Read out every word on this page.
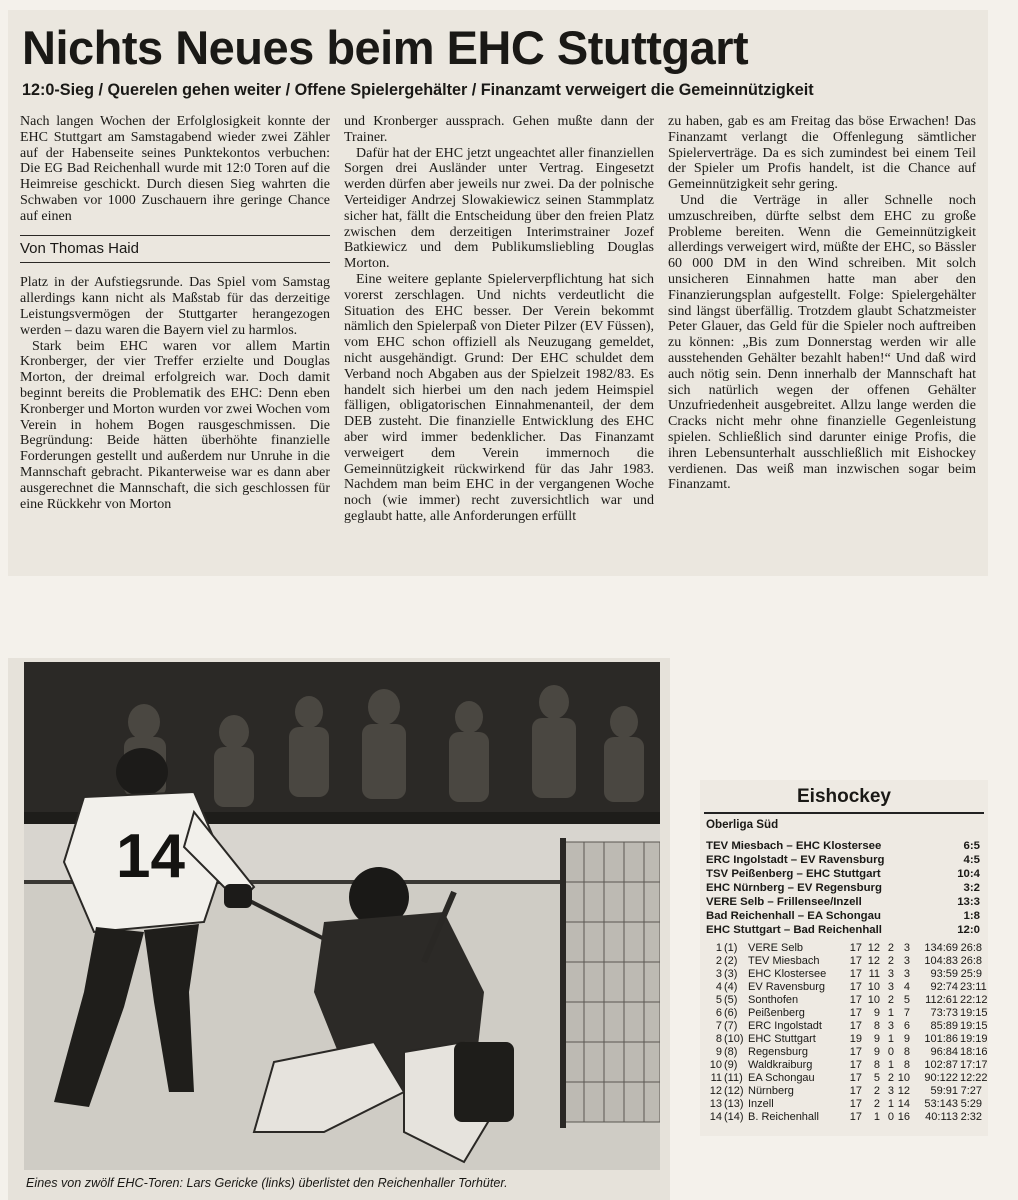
Nichts Neues beim EHC Stuttgart
12:0-Sieg / Querelen gehen weiter / Offene Spielergehälter / Finanzamt verweigert die Gemeinnützigkeit

Nach langen Wochen der Erfolglosigkeit konnte der EHC Stuttgart am Samstagabend wieder zwei Zähler auf der Habenseite seines Punktekontos verbuchen: Die EG Bad Reichenhall wurde mit 12:0 Toren auf die Heimreise geschickt. Durch diesen Sieg wahrten die Schwaben vor 1000 Zuschauern ihre geringe Chance auf einen

Von Thomas Haid

Platz in der Aufstiegsrunde. Das Spiel vom Samstag allerdings kann nicht als Maßstab für das derzeitige Leistungsvermögen der Stuttgarter herangezogen werden – dazu waren die Bayern viel zu harmlos.

Stark beim EHC waren vor allem Martin Kronberger, der vier Treffer erzielte und Douglas Morton, der dreimal erfolgreich war. Doch damit beginnt bereits die Problematik des EHC: Denn eben Kronberger und Morton wurden vor zwei Wochen vom Verein in hohem Bogen rausgeschmissen. Die Begründung: Beide hätten überhöhte finanzielle Forderungen gestellt und außerdem nur Unruhe in die Mannschaft gebracht. Pikanterweise war es dann aber ausgerechnet die Mannschaft, die sich geschlossen für eine Rückkehr von Morton

und Kronberger aussprach. Gehen mußte dann der Trainer.

Dafür hat der EHC jetzt ungeachtet aller finanziellen Sorgen drei Ausländer unter Vertrag. Eingesetzt werden dürfen aber jeweils nur zwei. Da der polnische Verteidiger Andrzej Slowakiewicz seinen Stammplatz sicher hat, fällt die Entscheidung über den freien Platz zwischen dem derzeitigen Interimstrainer Jozef Batkiewicz und dem Publikumsliebling Douglas Morton.

Eine weitere geplante Spielerverpflichtung hat sich vorerst zerschlagen. Und nichts verdeutlicht die Situation des EHC besser. Der Verein bekommt nämlich den Spielerpaß von Dieter Pilzer (EV Füssen), vom EHC schon offiziell als Neuzugang gemeldet, nicht ausgehändigt. Grund: Der EHC schuldet dem Verband noch Abgaben aus der Spielzeit 1982/83. Es handelt sich hierbei um den nach jedem Heimspiel fälligen, obligatorischen Einnahmenanteil, der dem DEB zusteht. Die finanzielle Entwicklung des EHC aber wird immer bedenklicher. Das Finanzamt verweigert dem Verein immernoch die Gemeinnützigkeit rückwirkend für das Jahr 1983. Nachdem man beim EHC in der vergangenen Woche noch (wie immer) recht zuversichtlich war und geglaubt hatte, alle Anforderungen erfüllt

zu haben, gab es am Freitag das böse Erwachen! Das Finanzamt verlangt die Offenlegung sämtlicher Spielerverträge. Da es sich zumindest bei einem Teil der Spieler um Profis handelt, ist die Chance auf Gemeinnützigkeit sehr gering.

Und die Verträge in aller Schnelle noch umzuschreiben, dürfte selbst dem EHC zu große Probleme bereiten. Wenn die Gemeinnützigkeit allerdings verweigert wird, müßte der EHC, so Bässler 60 000 DM in den Wind schreiben. Mit solch unsicheren Einnahmen hatte man aber den Finanzierungsplan aufgestellt. Folge: Spielergehälter sind längst überfällig. Trotzdem glaubt Schatzmeister Peter Glauer, das Geld für die Spieler noch auftreiben zu können: „Bis zum Donnerstag werden wir alle ausstehenden Gehälter bezahlt haben!“ Und daß wird auch nötig sein. Denn innerhalb der Mannschaft hat sich natürlich wegen der offenen Gehälter Unzufriedenheit ausgebreitet. Allzu lange werden die Cracks nicht mehr ohne finanzielle Gegenleistung spielen. Schließlich sind darunter einige Profis, die ihren Lebensunterhalt ausschließlich mit Eishockey verdienen. Das weiß man inzwischen sogar beim Finanzamt.

14
Eines von zwölf EHC-Toren: Lars Gericke (links) überlistet den Reichenhaller Torhüter.
Eishockey
Oberliga Süd
TEV Miesbach – EHC Klostersee	6:5
ERC Ingolstadt – EV Ravensburg	4:5
TSV Peißenberg – EHC Stuttgart	10:4
EHC Nürnberg – EV Regensburg	3:2
VERE Selb – Frillensee/Inzell	13:3
Bad Reichenhall – EA Schongau	1:8
EHC Stuttgart – Bad Reichenhall	12:0
1 (1) VERE Selb	17 12 2 3	134:69 26:8
2 (2) TEV Miesbach	17 12 2 3	104:83 26:8
3 (3) EHC Klostersee	17 11 3 3	93:59 25:9
4 (4) EV Ravensburg	17 10 3 4	92:74 23:11
5 (5) Sonthofen	17 10 2 5	112:61 22:12
6 (6) Peißenberg	17	9 1 7	73:73 19:15
7 (7) ERC Ingolstadt	17	8 3 6	85:89 19:15
8 (10) EHC Stuttgart	19	9 1 9	101:86 19:19
9 (8) Regensburg	17	9 0 8	96:84 18:16
10 (9) Waldkraiburg	17	8 1 8	102:87 17:17
11 (11) EA Schongau	17	5 2 10	90:122 12:22
12 (12) Nürnberg	17	2 3 12	59:91 7:27
13 (13) Inzell	17	2 1 14	53:143 5:29
14 (14) B. Reichenhall	17	1 0 16	40:113 2:32
